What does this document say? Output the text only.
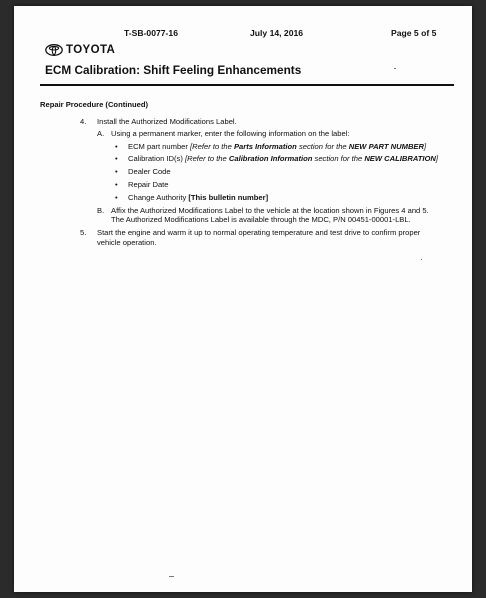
T-SB-0077-16	July 14, 2016	Page 5 of 5
TOYOTA
ECM Calibration: Shift Feeling Enhancements
Repair Procedure (Continued)
4. Install the Authorized Modifications Label.
A. Using a permanent marker, enter the following information on the label:
• ECM part number [Refer to the Parts Information section for the NEW PART NUMBER]
• Calibration ID(s) [Refer to the Calibration Information section for the NEW CALIBRATION]
• Dealer Code
• Repair Date
• Change Authority [This bulletin number]
B. Affix the Authorized Modifications Label to the vehicle at the location shown in Figures 4 and 5. The Authorized Modifications Label is available through the MDC, P/N 00451-00001-LBL.
5. Start the engine and warm it up to normal operating temperature and test drive to confirm proper vehicle operation.
